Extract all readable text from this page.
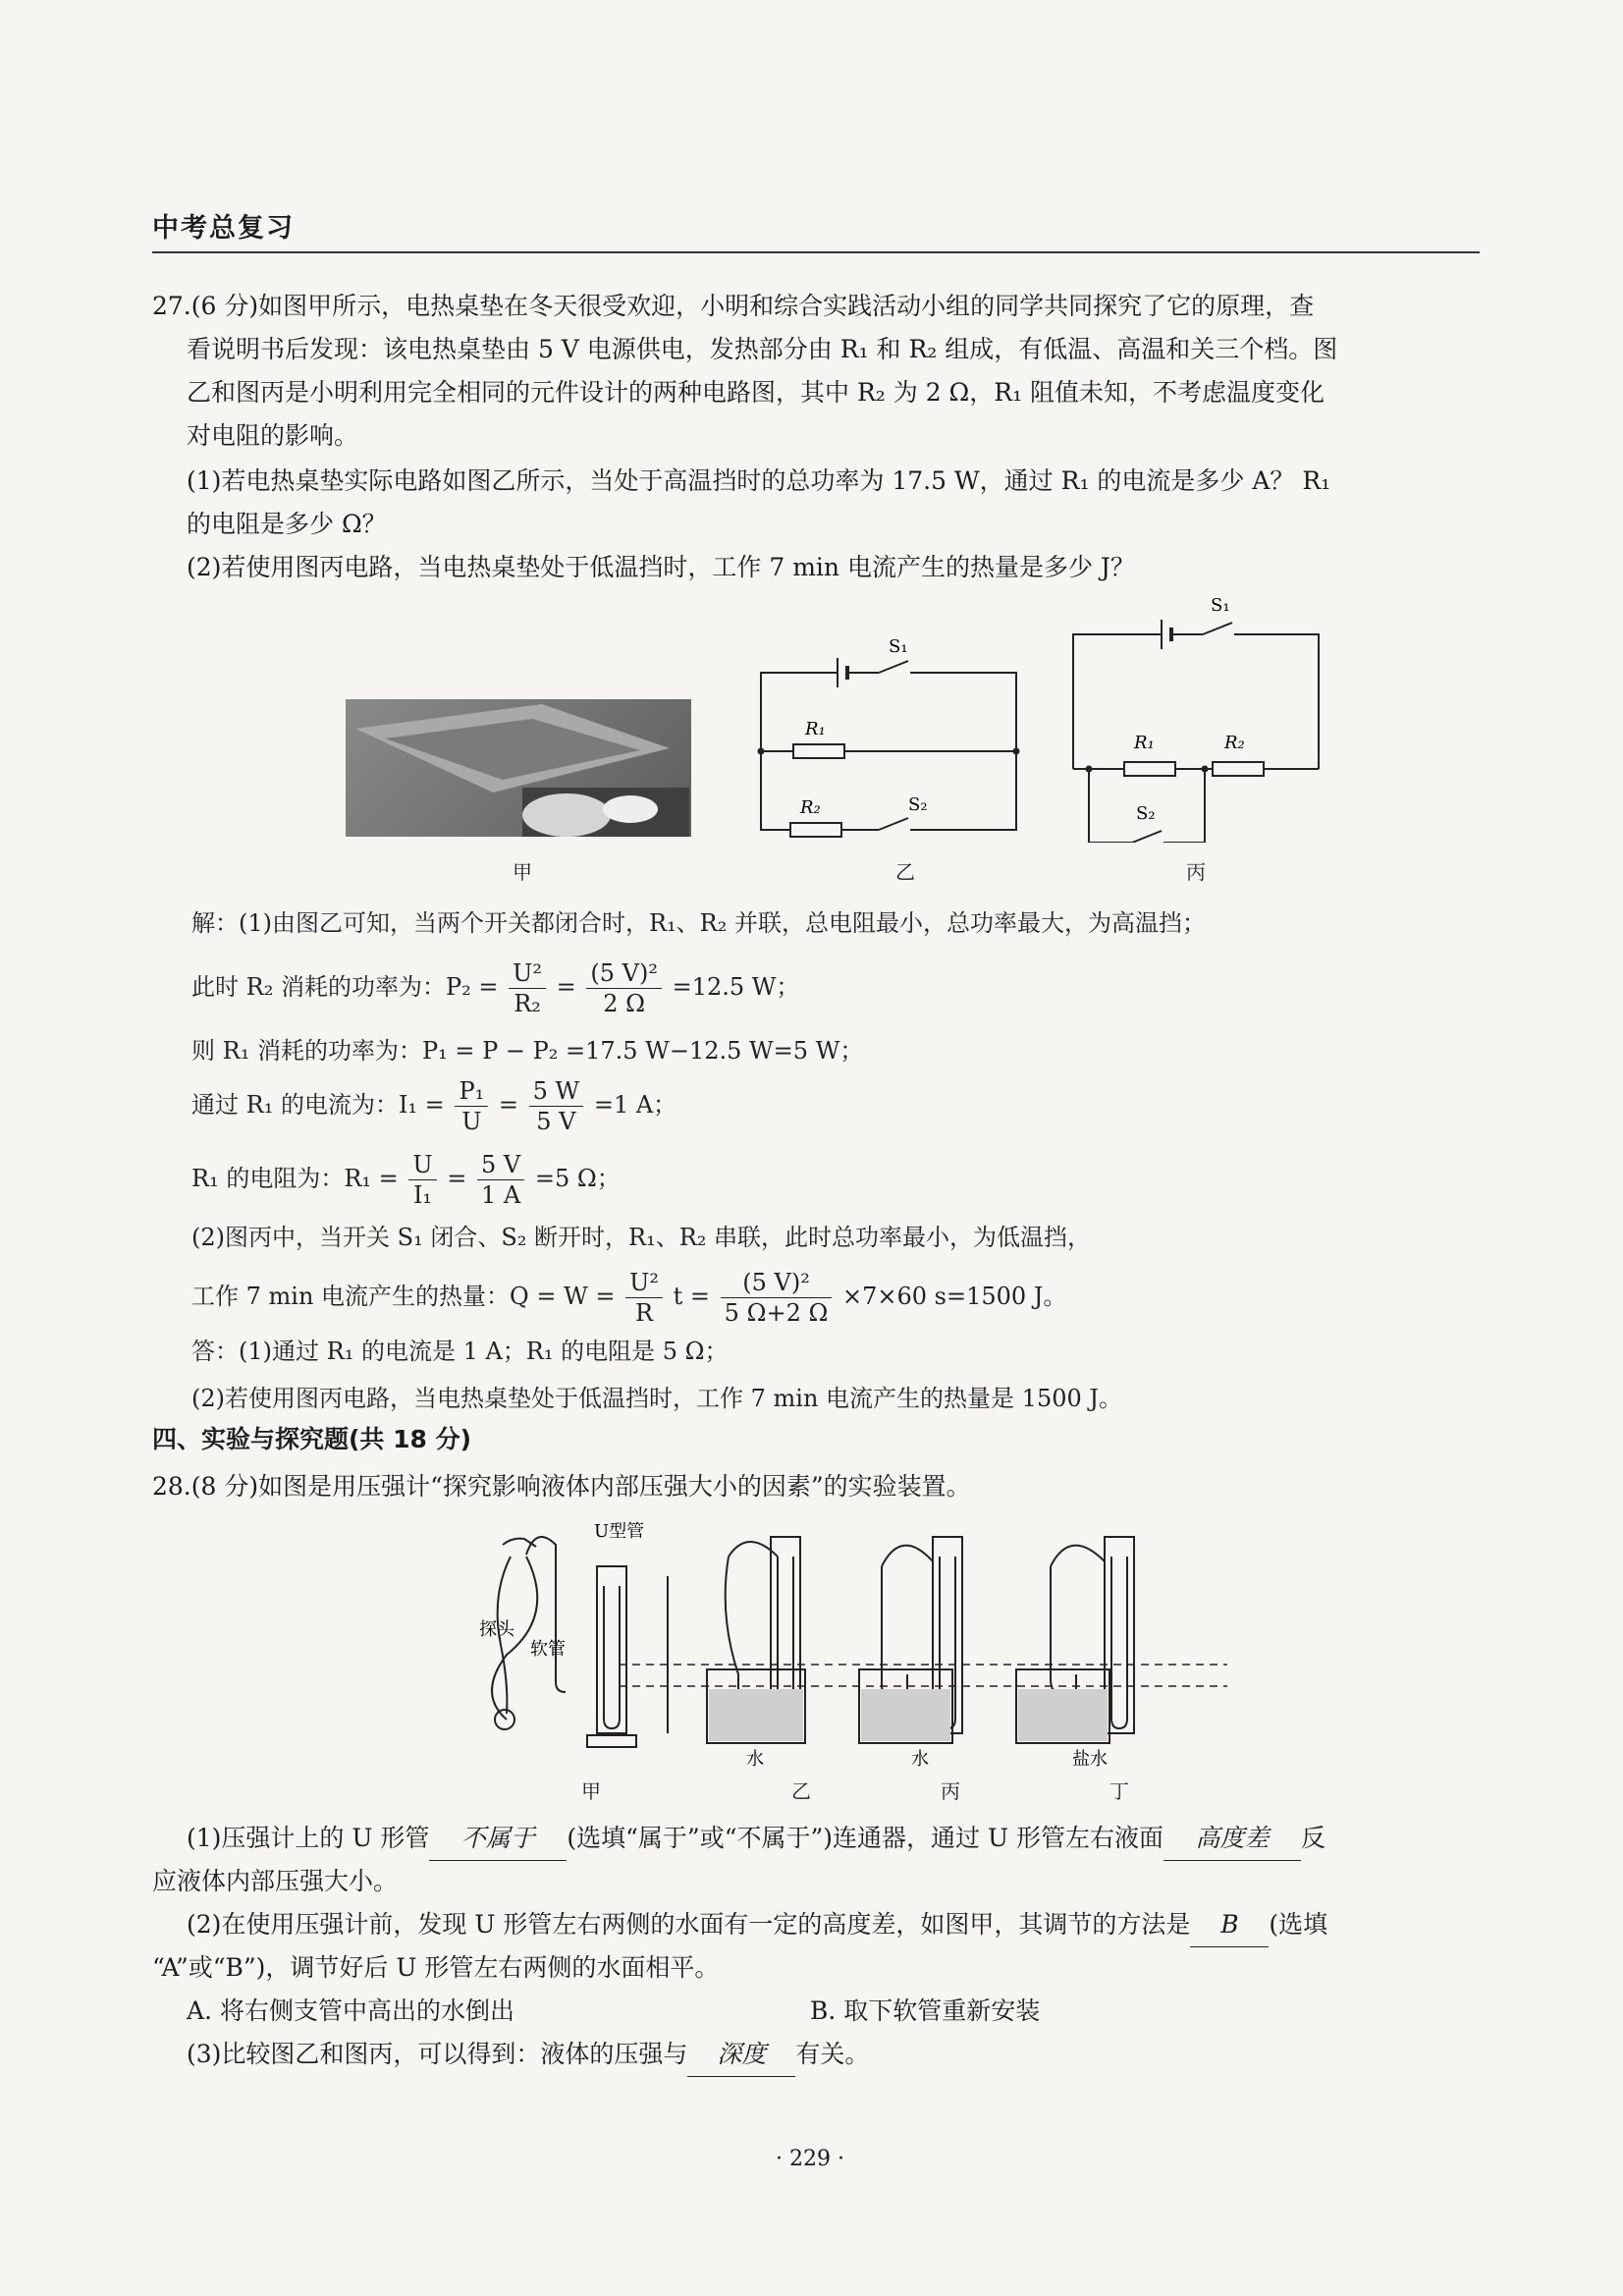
中考总复习
27.(6 分)如图甲所示，电热桌垫在冬天很受欢迎，小明和综合实践活动小组的同学共同探究了它的原理，查
看说明书后发现：该电热桌垫由 5 V 电源供电，发热部分由 R₁ 和 R₂ 组成，有低温、高温和关三个档。图
乙和图丙是小明利用完全相同的元件设计的两种电路图，其中 R₂ 为 2 Ω，R₁ 阻值未知，不考虑温度变化
对电阻的影响。
(1)若电热桌垫实际电路如图乙所示，当处于高温挡时的总功率为 17.5 W，通过 R₁ 的电流是多少 A？ R₁
的电阻是多少 Ω？
(2)若使用图丙电路，当电热桌垫处于低温挡时，工作 7 min 电流产生的热量是多少 J？
甲
S₁
R₁
R₂	S₂
乙
S₁
R₁	R₂
S₂
丙
解：(1)由图乙可知，当两个开关都闭合时，R₁、R₂ 并联，总电阻最小，总功率最大，为高温挡；
此时 R₂ 消耗的功率为：$P_2 = \frac{\text{U²}}{\text{R₂}} = \frac{\text{(5 V)²}}{2 \Omega} =12.5$ W；
则 R₁ 消耗的功率为：P₁ = P − P₂ =17.5 W−12.5 W=5 W；
通过 R₁ 的电流为：$I_1 = \frac{\text{P₁}}{U} = \frac{5 W}{5 V} =1$ A；
R₁ 的电阻为：$R_1 = \frac{U}{\text{I₁}} = \frac{5 V}{1 A} =5$ Ω；
(2)图丙中，当开关 S₁ 闭合、S₂ 断开时，R₁、R₂ 串联，此时总功率最小，为低温挡，
工作 7 min 电流产生的热量：$Q = W = \frac{\text{U²}}{R}$ $t = \frac{\text{(5 V)²}}{5 \Omega+2 \Omega} \times 7\times 60$ s=1500 J。
答：(1)通过 R₁ 的电流是 1 A；R₁ 的电阻是 5 Ω；
(2)若使用图丙电路，当电热桌垫处于低温挡时，工作 7 min 电流产生的热量是 1500 J。
四、实验与探究题(共 18 分)
28.(8 分)如图是用压强计“探究影响液体内部压强大小的因素”的实验装置。
U型管
探头
软管
水	水	盐水
甲	乙	丙	丁
(1)压强计上的 U 形管 不属于 (选填“属于”或“不属于”)连通器，通过 U 形管左右液面 高度差 反
应液体内部压强大小。
(2)在使用压强计前，发现 U 形管左右两侧的水面有一定的高度差，如图甲，其调节的方法是 B (选填
“A”或“B”)，调节好后 U 形管左右两侧的水面相平。
A. 将右侧支管中高出的水倒出	B. 取下软管重新安装
(3)比较图乙和图丙，可以得到：液体的压强与 深度 有关。
· 229 ·
